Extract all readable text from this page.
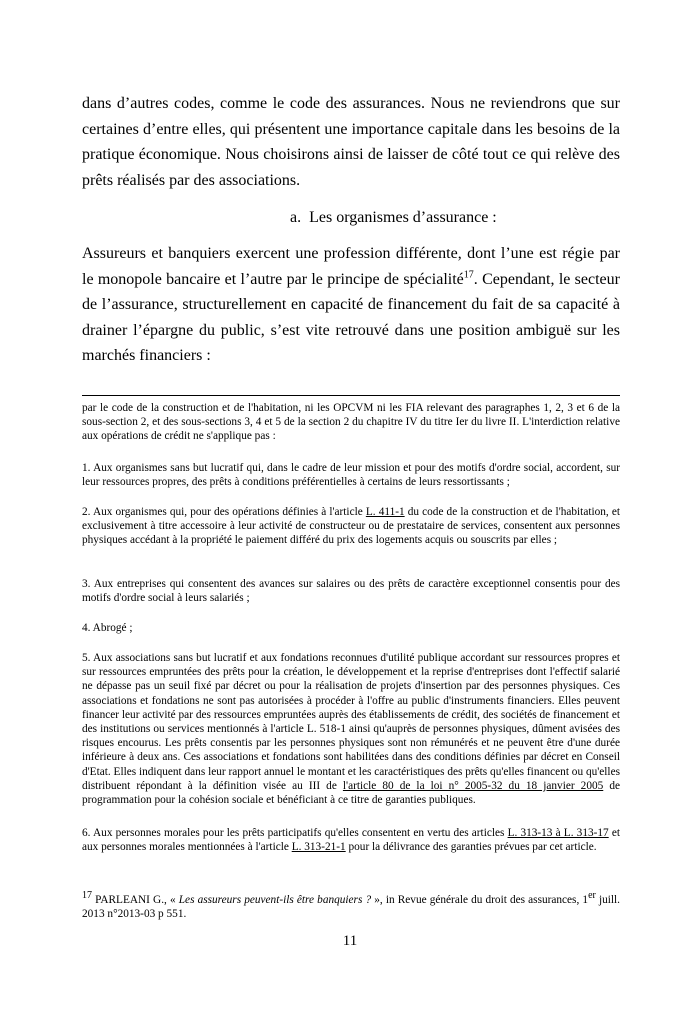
dans d’autres codes, comme le code des assurances. Nous ne reviendrons que sur certaines d’entre elles, qui présentent une importance capitale dans les besoins de la pratique économique. Nous choisirons ainsi de laisser de côté tout ce qui relève des prêts réalisés par des associations.

a.  Les organismes d’assurance :

Assureurs et banquiers exercent une profession différente, dont l’une est régie par le monopole bancaire et l’autre par le principe de spécialité$^{17}$. Cependant, le secteur de l’assurance, structurellement en capacité de financement du fait de sa capacité à drainer l’épargne du public, s’est vite retrouvé dans une position ambiguë sur les marchés financiers :

par le code de la construction et de l'habitation, ni les OPCVM ni les FIA relevant des paragraphes 1, 2, 3 et 6 de la sous-section 2, et des sous-sections 3, 4 et 5 de la section 2 du chapitre IV du titre Ier du livre II. L'interdiction relative aux opérations de crédit ne s'applique pas :

1. Aux organismes sans but lucratif qui, dans le cadre de leur mission et pour des motifs d'ordre social, accordent, sur leur ressources propres, des prêts à conditions préférentielles à certains de leurs ressortissants ;

2. Aux organismes qui, pour des opérations définies à l'article L. 411-1 du code de la construction et de l'habitation, et exclusivement à titre accessoire à leur activité de constructeur ou de prestataire de services, consentent aux personnes physiques accédant à la propriété le paiement différé du prix des logements acquis ou souscrits par elles ;

3. Aux entreprises qui consentent des avances sur salaires ou des prêts de caractère exceptionnel consentis pour des motifs d'ordre social à leurs salariés ;

4. Abrogé ;

5. Aux associations sans but lucratif et aux fondations reconnues d'utilité publique accordant sur ressources propres et sur ressources empruntées des prêts pour la création, le développement et la reprise d'entreprises dont l'effectif salarié ne dépasse pas un seuil fixé par décret ou pour la réalisation de projets d'insertion par des personnes physiques. Ces associations et fondations ne sont pas autorisées à procéder à l'offre au public d'instruments financiers. Elles peuvent financer leur activité par des ressources empruntées auprès des établissements de crédit, des sociétés de financement et des institutions ou services mentionnés à l'article L. 518-1 ainsi qu'auprès de personnes physiques, dûment avisées des risques encourus. Les prêts consentis par les personnes physiques sont non rémunérés et ne peuvent être d'une durée inférieure à deux ans. Ces associations et fondations sont habilitées dans des conditions définies par décret en Conseil d'Etat. Elles indiquent dans leur rapport annuel le montant et les caractéristiques des prêts qu'elles financent ou qu'elles distribuent répondant à la définition visée au III de l'article 80 de la loi n° 2005-32 du 18 janvier 2005 de programmation pour la cohésion sociale et bénéficiant à ce titre de garanties publiques.

6. Aux personnes morales pour les prêts participatifs qu'elles consentent en vertu des articles L. 313-13 à L. 313-17 et aux personnes morales mentionnées à l'article L. 313-21-1 pour la délivrance des garanties prévues par cet article.

$^{17}$ PARLEANI G., « Les assureurs peuvent-ils être banquiers ? », in Revue générale du droit des assurances, 1er juill. 2013 n°2013-03 p 551.

11
